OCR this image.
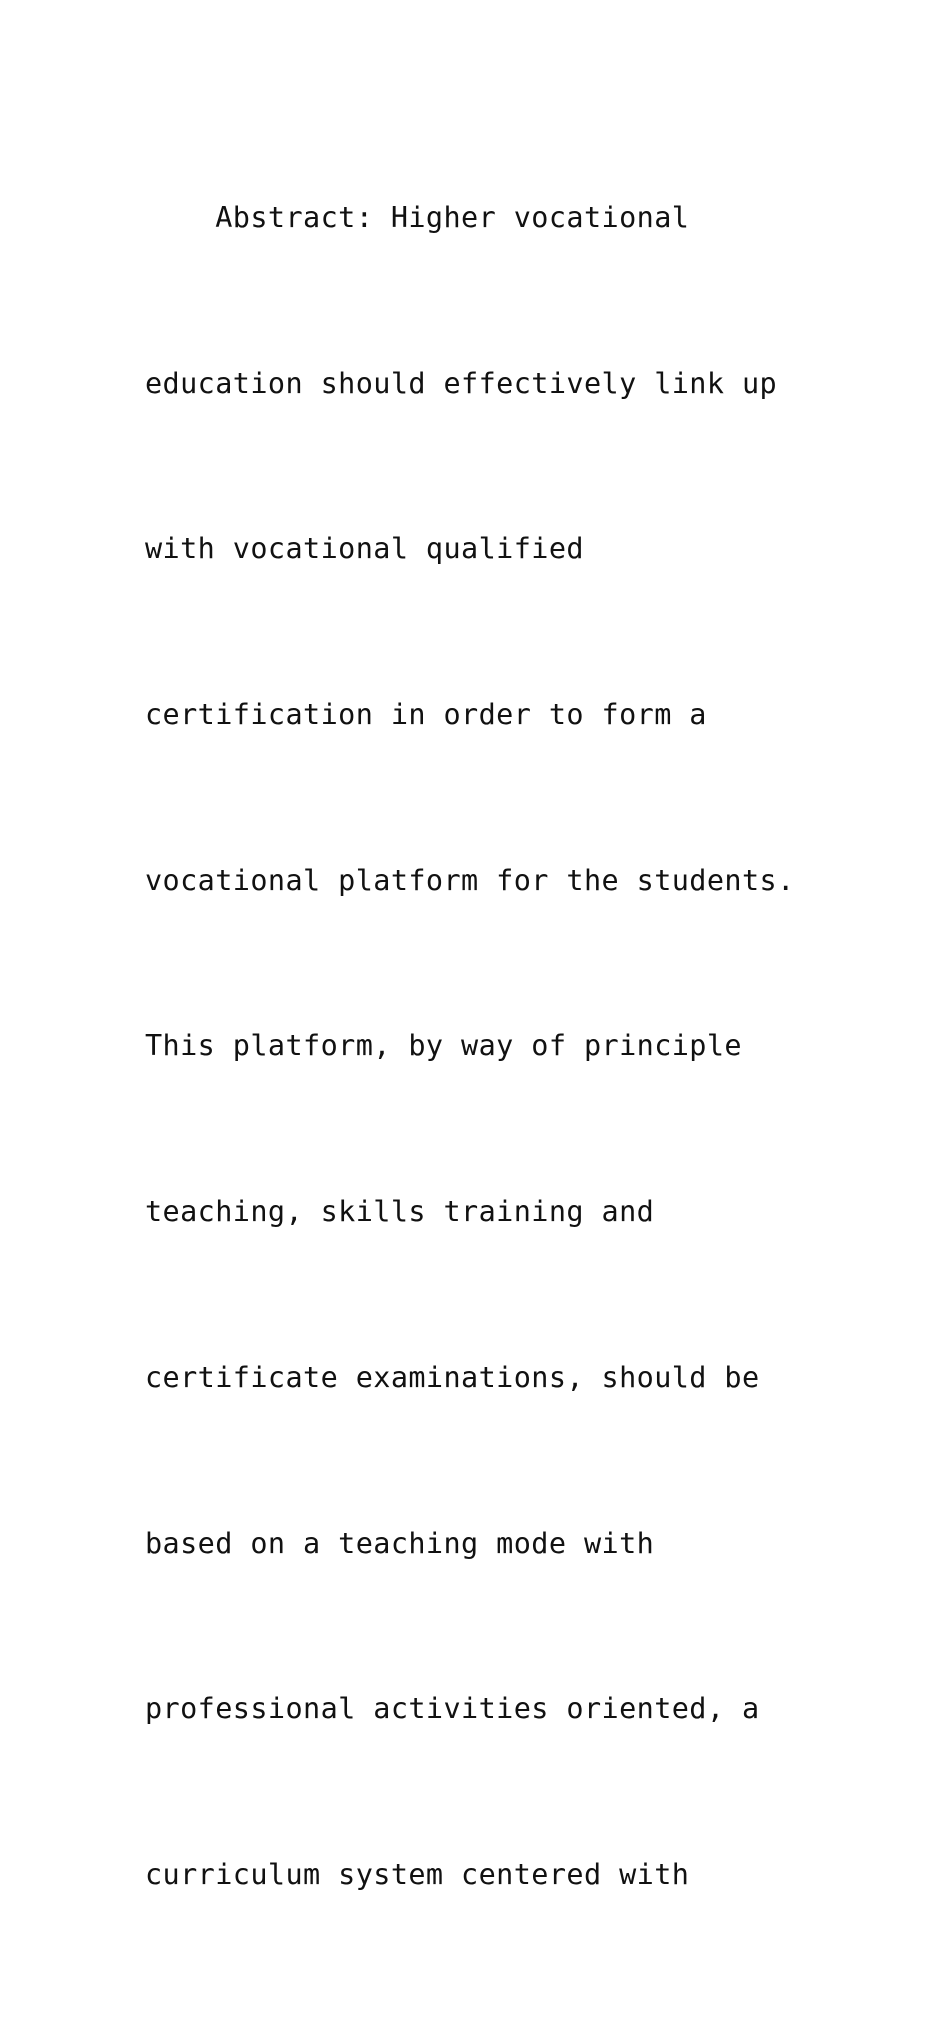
Abstract: Higher vocational

education should effectively link up

with vocational qualified

certification in order to form a

vocational platform for the students.

This platform, by way of principle

teaching, skills training and

certificate examinations, should be

based on a teaching mode with

professional activities oriented, a

curriculum system centered with
